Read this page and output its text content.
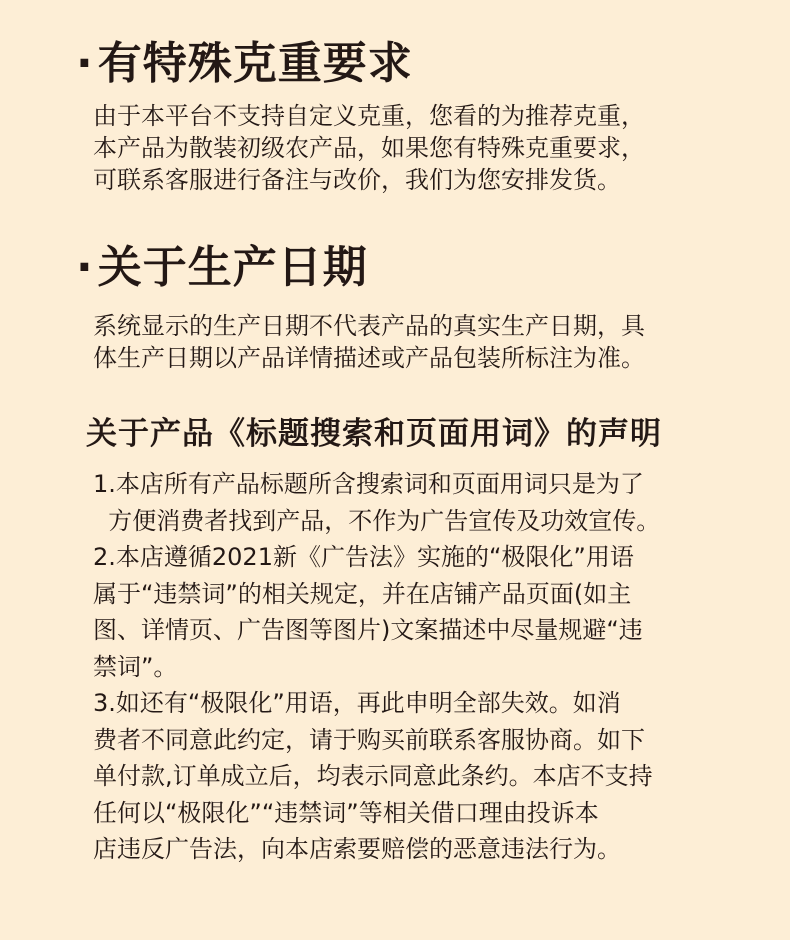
·有特殊克重要求
由于本平台不支持自定义克重，您看的为推荐克重，
本产品为散装初级农产品，如果您有特殊克重要求，
可联系客服进行备注与改价，我们为您安排发货。
·关于生产日期
系统显示的生产日期不代表产品的真实生产日期，具
体生产日期以产品详情描述或产品包装所标注为准。
关于产品《标题搜索和页面用词》的声明
1.本店所有产品标题所含搜索词和页面用词只是为了
方便消费者找到产品，不作为广告宣传及功效宣传。
2.本店遵循2021新《广告法》实施的“极限化”用语
属于“违禁词”的相关规定，并在店铺产品页面(如主
图、详情页、广告图等图片)文案描述中尽量规避“违
禁词”。
3.如还有“极限化”用语，再此申明全部失效。如消
费者不同意此约定，请于购买前联系客服协商。如下
单付款,订单成立后，均表示同意此条约。本店不支持
任何以“极限化”“违禁词”等相关借口理由投诉本
店违反广告法，向本店索要赔偿的恶意违法行为。
